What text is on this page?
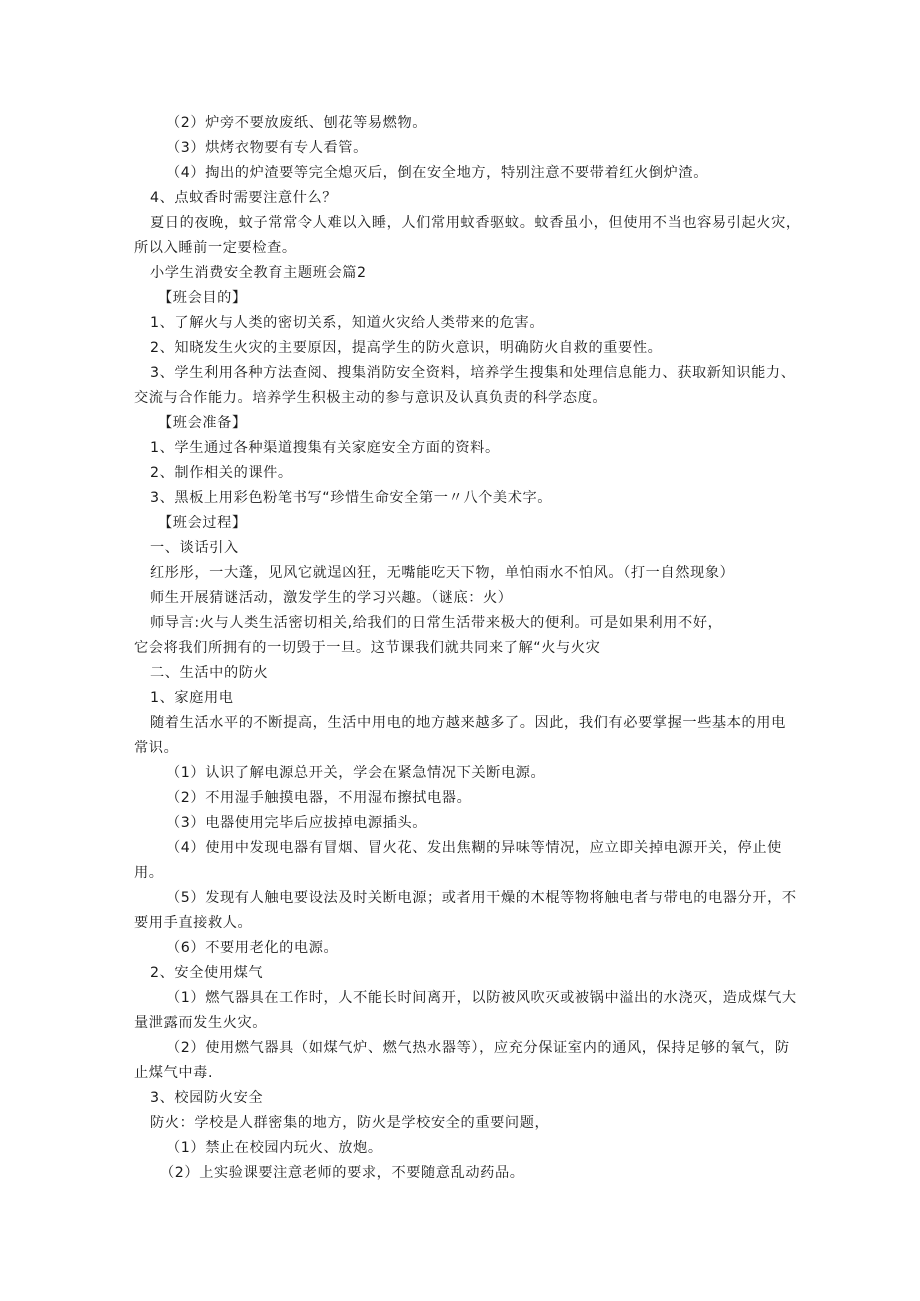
（2）炉旁不要放废纸、刨花等易燃物。
（3）烘烤衣物要有专人看管。
（4）掏出的炉渣要等完全熄灭后，倒在安全地方，特别注意不要带着红火倒炉渣。
4、点蚊香时需要注意什么？
夏日的夜晚，蚊子常常令人难以入睡，人们常用蚊香驱蚊。蚊香虽小，但使用不当也容易引起火灾，
所以入睡前一定要检查。
小学生消费安全教育主题班会篇2
【班会目的】
1、了解火与人类的密切关系，知道火灾给人类带来的危害。
2、知晓发生火灾的主要原因，提高学生的防火意识，明确防火自救的重要性。
3、学生利用各种方法查阅、搜集消防安全资料，培养学生搜集和处理信息能力、获取新知识能力、
交流与合作能力。培养学生积极主动的参与意识及认真负责的科学态度。
【班会准备】
1、学生通过各种渠道搜集有关家庭安全方面的资料。
2、制作相关的课件。
3、黑板上用彩色粉笔书写“珍惜生命安全第一〃八个美术字。
【班会过程】
一、谈话引入
红彤彤，一大蓬，见风它就逞凶狂，无嘴能吃天下物，单怕雨水不怕风。（打一自然现象）
师生开展猜谜活动，激发学生的学习兴趣。（谜底：火）
师导言:火与人类生活密切相关,给我们的日常生活带来极大的便利。可是如果利用不好，
它会将我们所拥有的一切毁于一旦。这节课我们就共同来了解“火与火灾
二、生活中的防火
1、家庭用电
随着生活水平的不断提高，生活中用电的地方越来越多了。因此，我们有必要掌握一些基本的用电
常识。
（1）认识了解电源总开关，学会在紧急情况下关断电源。
（2）不用湿手触摸电器，不用湿布擦拭电器。
（3）电器使用完毕后应拔掉电源插头。
（4）使用中发现电器有冒烟、冒火花、发出焦糊的异味等情况，应立即关掉电源开关，停止使
用。
（5）发现有人触电要设法及时关断电源；或者用干燥的木棍等物将触电者与带电的电器分开，不
要用手直接救人。
（6）不要用老化的电源。
2、安全使用煤气
（1）燃气器具在工作时，人不能长时间离开，以防被风吹灭或被锅中溢出的水浇灭，造成煤气大
量泄露而发生火灾。
（2）使用燃气器具（如煤气炉、燃气热水器等），应充分保证室内的通风，保持足够的氧气，防
止煤气中毒.
3、校园防火安全
防火：学校是人群密集的地方，防火是学校安全的重要问题，
（1）禁止在校园内玩火、放炮。
（2）上实验课要注意老师的要求，不要随意乱动药品。
